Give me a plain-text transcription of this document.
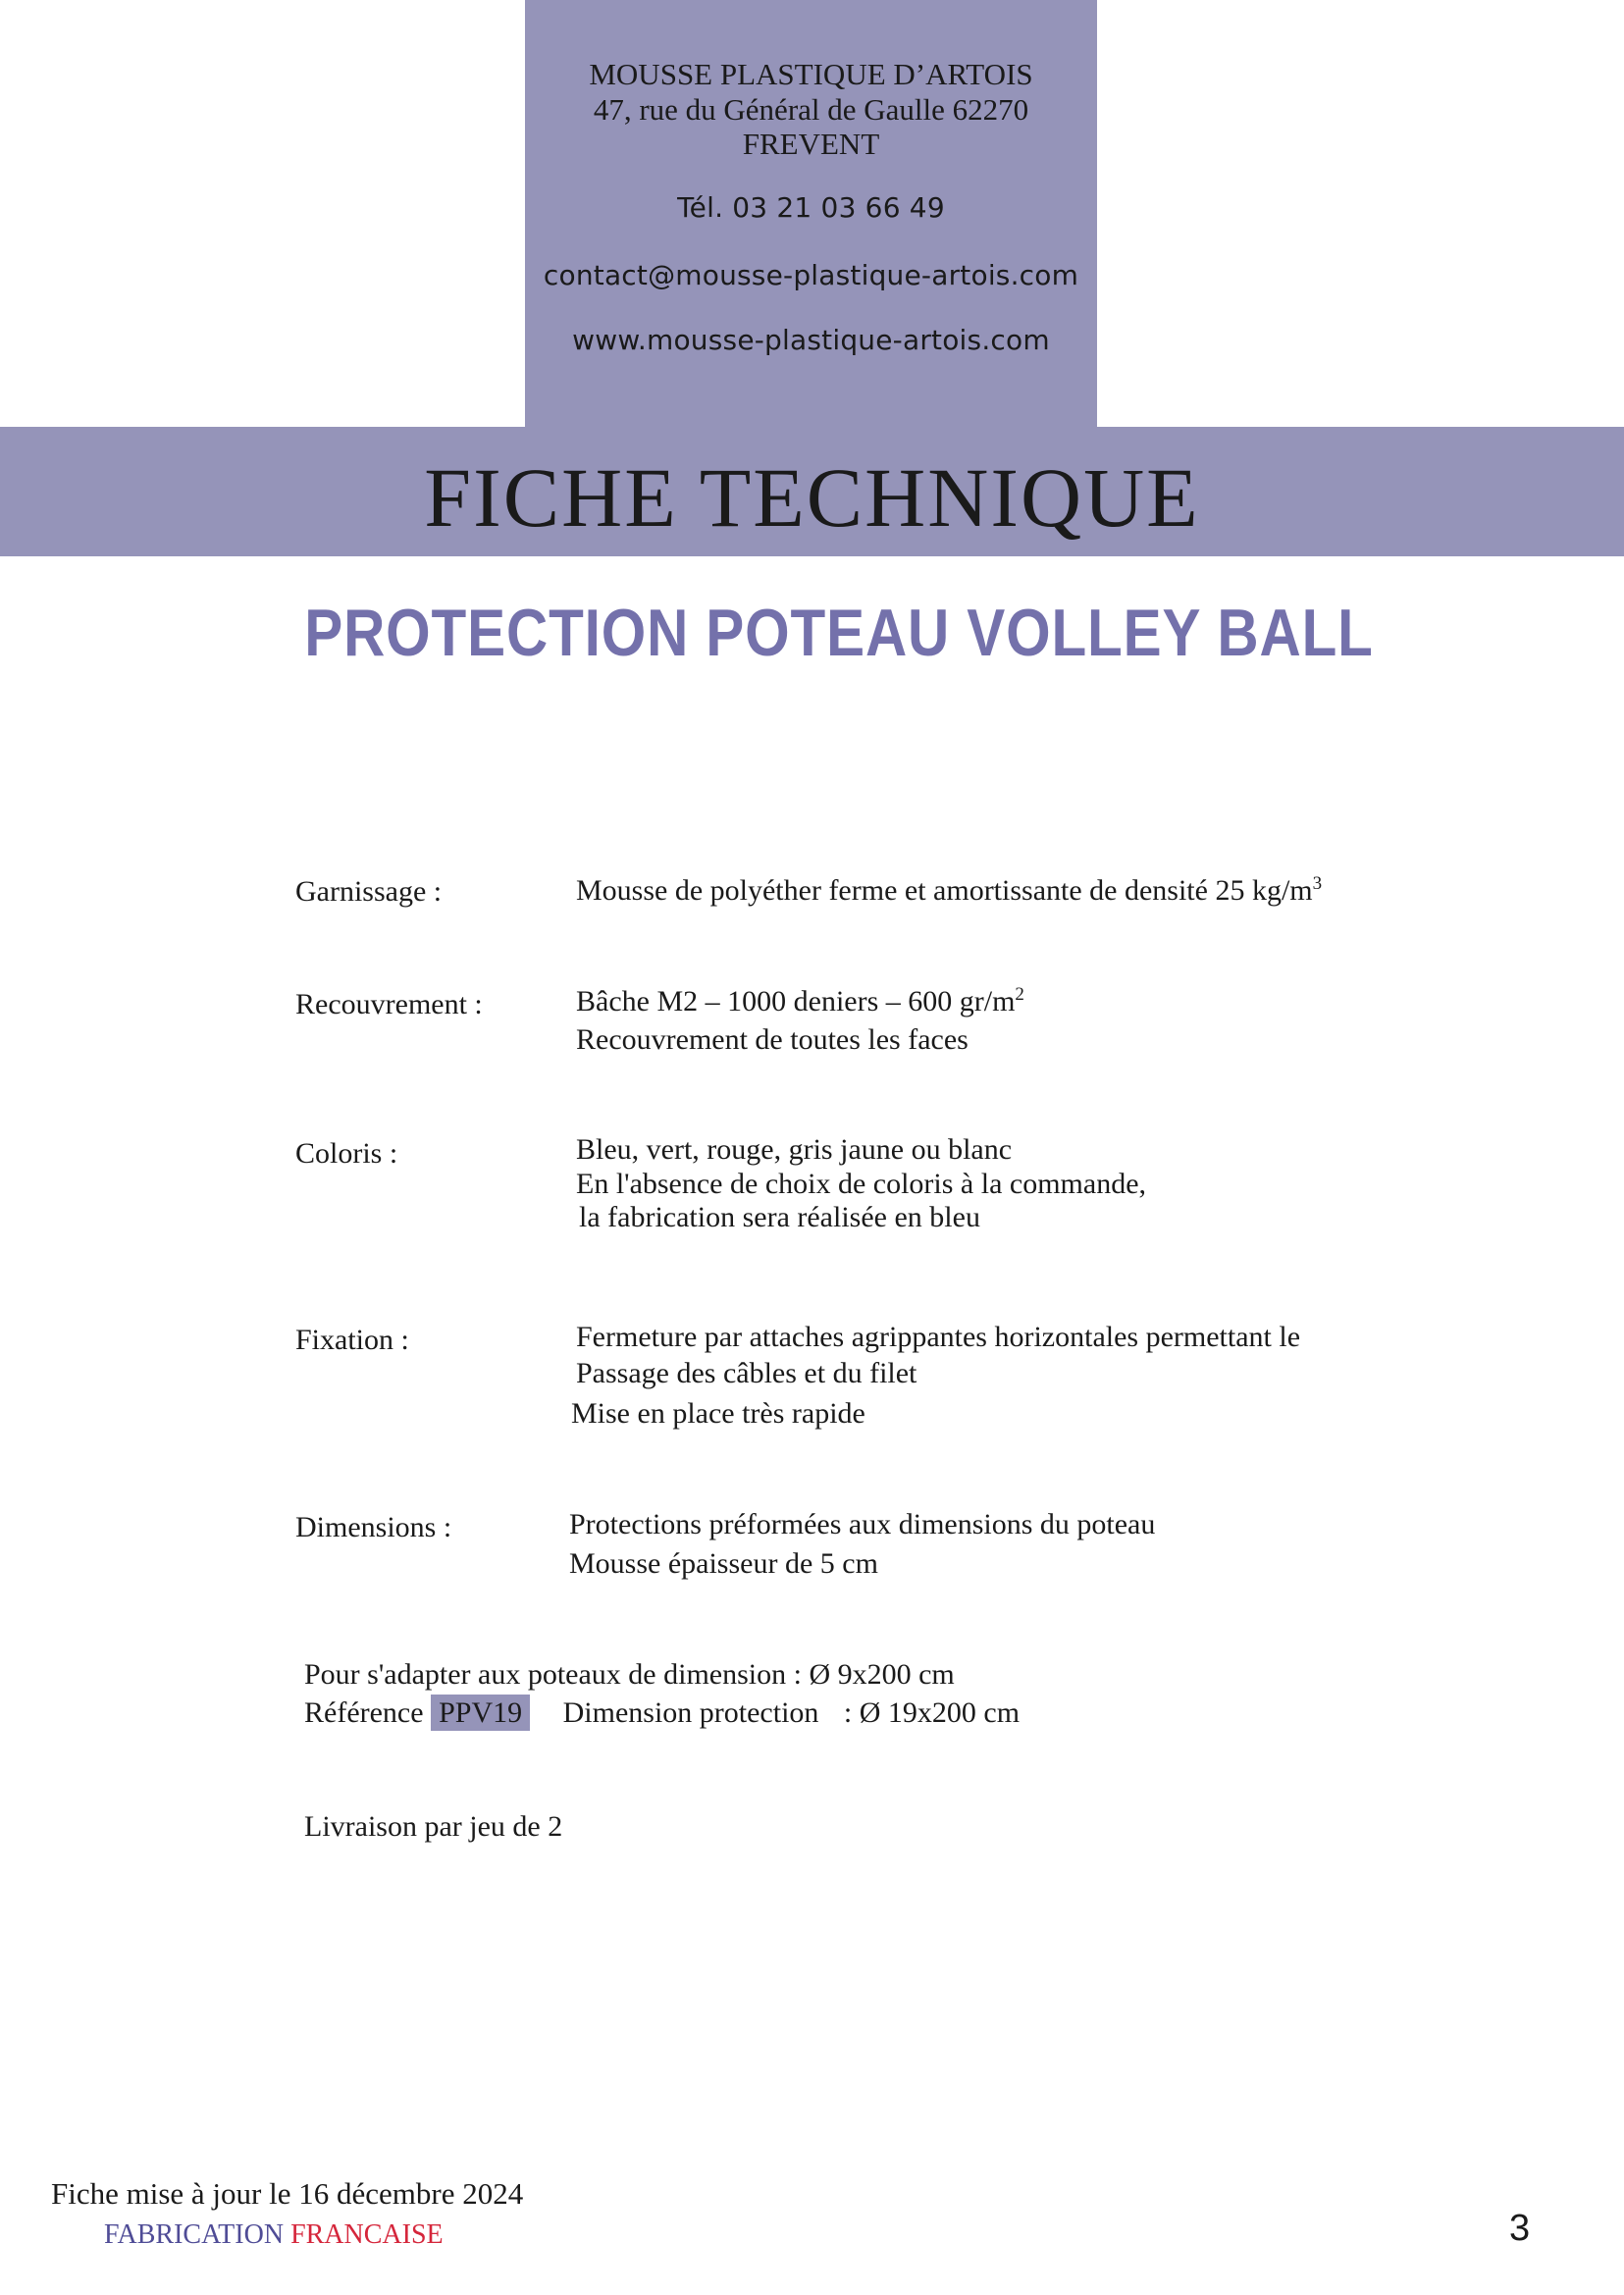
MOUSSE PLASTIQUE D’ARTOIS
47, rue du Général de Gaulle 62270
FREVENT
Tél. 03 21 03 66 49
contact@mousse-plastique-artois.com
www.mousse-plastique-artois.com
FICHE TECHNIQUE
PROTECTION POTEAU VOLLEY BALL
Garnissage :	Mousse de polyéther ferme et amortissante de densité 25 $kg/m^3$
Recouvrement :	Bâche M2 – 1000 deniers – 600 $gr/m^2$
Recouvrement de toutes les faces
Coloris :	Bleu, vert, rouge, gris jaune ou blanc
En l'absence de choix de coloris à la commande,
la fabrication sera réalisée en bleu
Fixation :	Fermeture par attaches agrippantes horizontales permettant le
Passage des câbles et du filet
Mise en place très rapide
Dimensions :	Protections préformées aux dimensions du poteau
Mousse épaisseur de 5 cm
Pour s'adapter aux poteaux de dimension : Ø 9x200 cm
Référence PPV19 Dimension protection : Ø 19x200 cm
Livraison par jeu de 2
Fiche mise à jour le 16 décembre 2024
FABRICATION FRANCAISE	3
